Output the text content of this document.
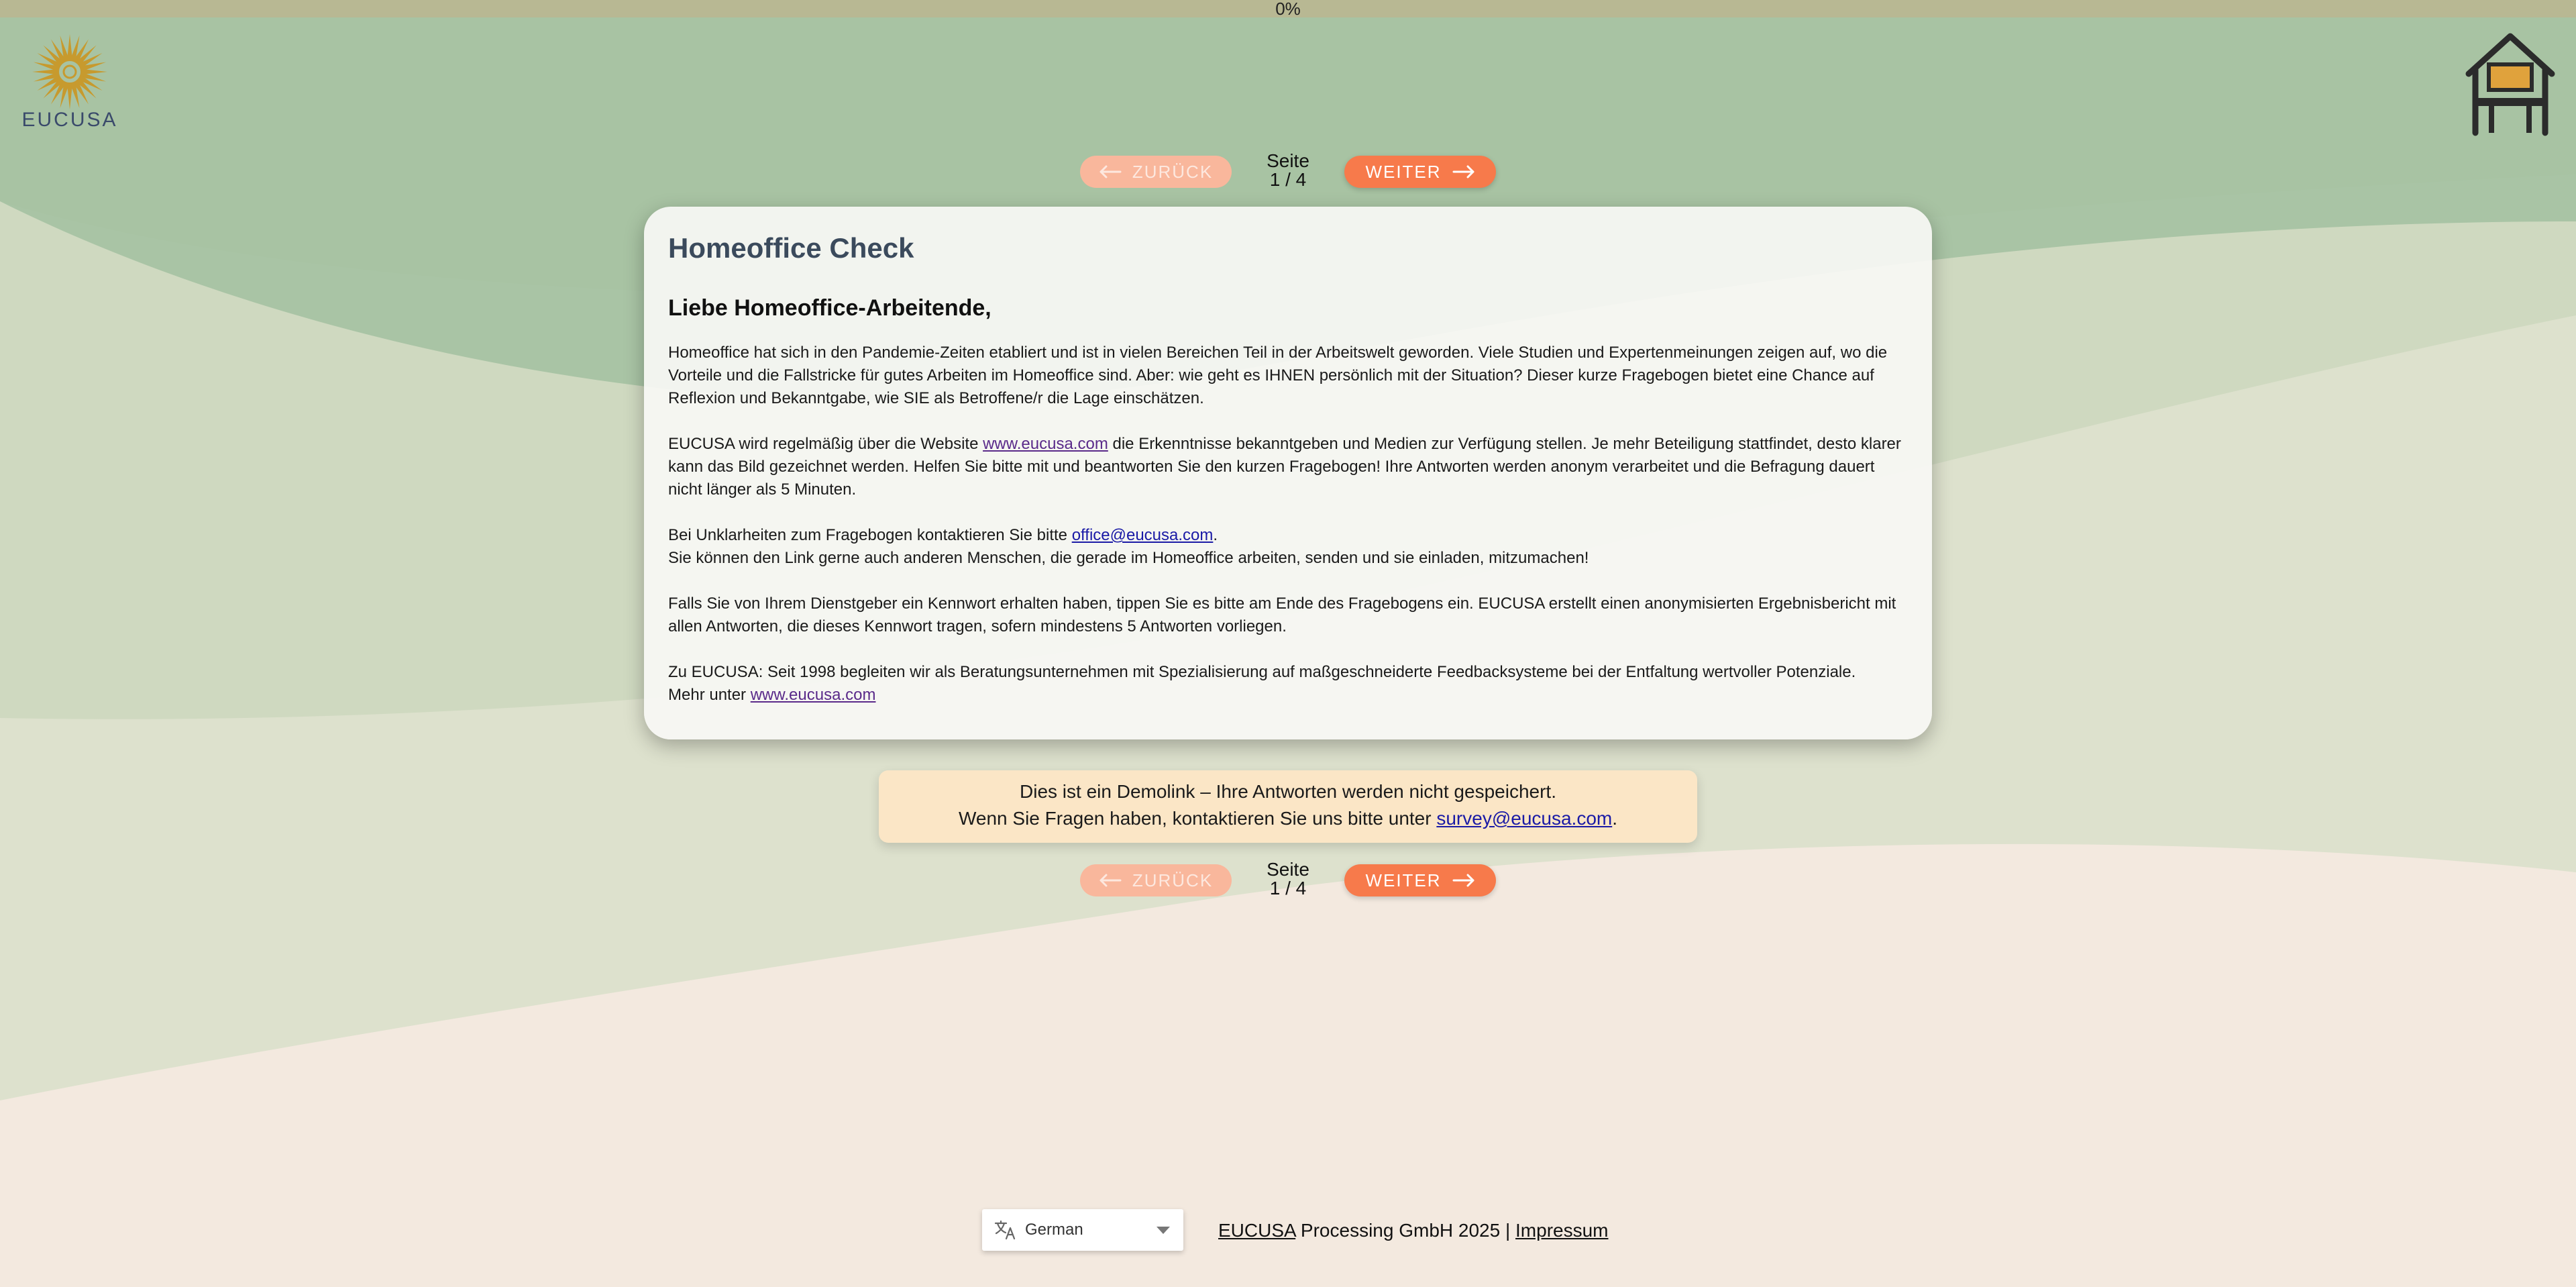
0%
EUCUSA
ZURÜCK
Seite
1 / 4	WEITER
Homeoffice Check
Liebe Homeoffice-Arbeitende,

Homeoffice hat sich in den Pandemie-Zeiten etabliert und ist in vielen Bereichen Teil in der Arbeitswelt geworden. Viele Studien und Expertenmeinungen zeigen auf, wo die Vorteile und die Fallstricke für gutes Arbeiten im Homeoffice sind. Aber: wie geht es IHNEN persönlich mit der Situation? Dieser kurze Fragebogen bietet eine Chance auf Reflexion und Bekanntgabe, wie SIE als Betroffene/r die Lage einschätzen.

EUCUSA wird regelmäßig über die Website www.eucusa.com die Erkenntnisse bekanntgeben und Medien zur Verfügung stellen. Je mehr Beteiligung stattfindet, desto klarer kann das Bild gezeichnet werden. Helfen Sie bitte mit und beantworten Sie den kurzen Fragebogen! Ihre Antworten werden anonym verarbeitet und die Befragung dauert nicht länger als 5 Minuten.

Bei Unklarheiten zum Fragebogen kontaktieren Sie bitte office@eucusa.com.
Sie können den Link gerne auch anderen Menschen, die gerade im Homeoffice arbeiten, senden und sie einladen, mitzumachen!

Falls Sie von Ihrem Dienstgeber ein Kennwort erhalten haben, tippen Sie es bitte am Ende des Fragebogens ein. EUCUSA erstellt einen anonymisierten Ergebnisbericht mit allen Antworten, die dieses Kennwort tragen, sofern mindestens 5 Antworten vorliegen.

Zu EUCUSA: Seit 1998 begleiten wir als Beratungsunternehmen mit Spezialisierung auf maßgeschneiderte Feedbacksysteme bei der Entfaltung wertvoller Potenziale.
Mehr unter www.eucusa.com

Dies ist ein Demolink – Ihre Antworten werden nicht gespeichert.
Wenn Sie Fragen haben, kontaktieren Sie uns bitte unter survey@eucusa.com.
ZURÜCK
Seite
1 / 4	WEITER
German	EUCUSA Processing GmbH 2025 | Impressum
